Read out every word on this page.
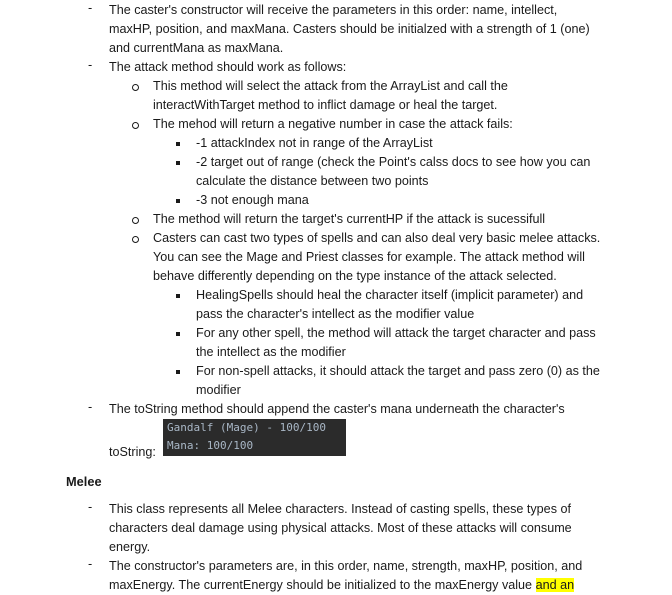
- The caster's constructor will receive the parameters in this order: name, intellect,
maxHP, position, and maxMana. Casters should be initialzed with a strength of 1 (one)
and currentMana as maxMana.
- The attack method should work as follows:
This method will select the attack from the ArrayList and call the
interactWithTarget method to inflict damage or heal the target.
The mehod will return a negative number in case the attack fails:
-1 attackIndex not in range of the ArrayList
-2 target out of range (check the Point's calss docs to see how you can
calculate the distance between two points
-3 not enough mana
The method will return the target's currentHP if the attack is sucessifull
Casters can cast two types of spells and can also deal very basic melee attacks.
You can see the Mage and Priest classes for example. The attack method will
behave differently depending on the type instance of the attack selected.
HealingSpells should heal the character itself (implicit parameter) and
pass the character's intellect as the modifier value
For any other spell, the method will attack the target character and pass
the intellect as the modifier
For non-spell attacks, it should attack the target and pass zero (0) as the
modifier
- The toString method should append the caster's mana underneath the character's
toString:
Gandalf (Mage) - 100/100
Mana: 100/100
Melee
- This class represents all Melee characters. Instead of casting spells, these types of
characters deal damage using physical attacks. Most of these attacks will consume
energy.
- The constructor's parameters are, in this order, name, strength, maxHP, position, and
maxEnergy. The currentEnergy should be initialized to the maxEnergy value and an
